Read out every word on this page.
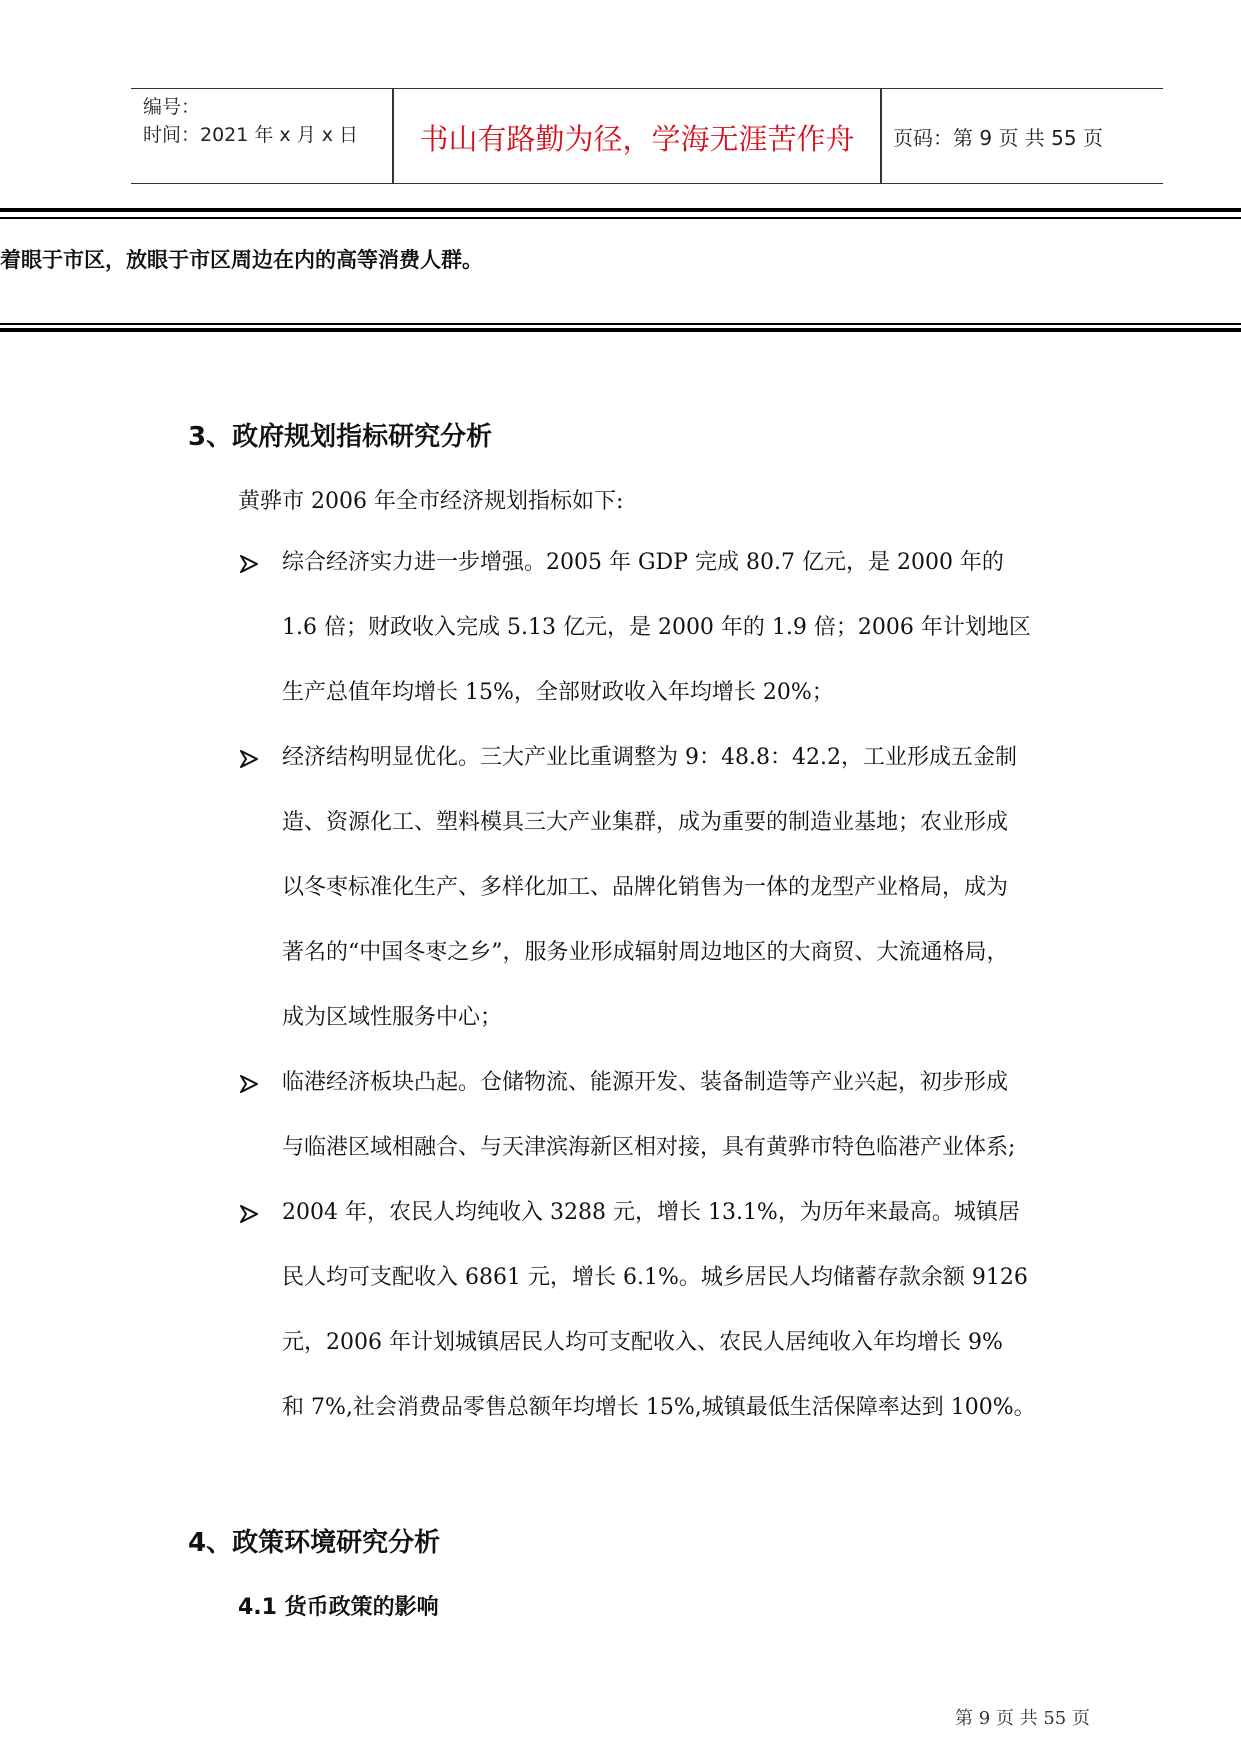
编号：
时间：2021 年 x 月 x 日	书山有路勤为径，学海无涯苦作舟	页码：第 9 页 共 55 页
着眼于市区，放眼于市区周边在内的高等消费人群。
3、政府规划指标研究分析
黄骅市 2006 年全市经济规划指标如下:
综合经济实力进一步增强。2005 年 GDP 完成 80.7 亿元，是 2000 年的
1.6 倍；财政收入完成 5.13 亿元，是 2000 年的 1.9 倍；2006 年计划地区
生产总值年均增长 15%，全部财政收入年均增长 20%；
经济结构明显优化。三大产业比重调整为 9：48.8：42.2，工业形成五金制
造、资源化工、塑料模具三大产业集群，成为重要的制造业基地；农业形成
以冬枣标准化生产、多样化加工、品牌化销售为一体的龙型产业格局，成为
著名的“中国冬枣之乡”，服务业形成辐射周边地区的大商贸、大流通格局，
成为区域性服务中心；
临港经济板块凸起。仓储物流、能源开发、装备制造等产业兴起，初步形成
与临港区域相融合、与天津滨海新区相对接，具有黄骅市特色临港产业体系;
2004 年，农民人均纯收入 3288 元，增长 13.1%，为历年来最高。城镇居
民人均可支配收入 6861 元，增长 6.1%。城乡居民人均储蓄存款余额 9126
元，2006 年计划城镇居民人均可支配收入、农民人居纯收入年均增长 9%
和 7%,社会消费品零售总额年均增长 15%,城镇最低生活保障率达到 100%。
4、政策环境研究分析
4.1 货币政策的影响
第 9 页 共 55 页
